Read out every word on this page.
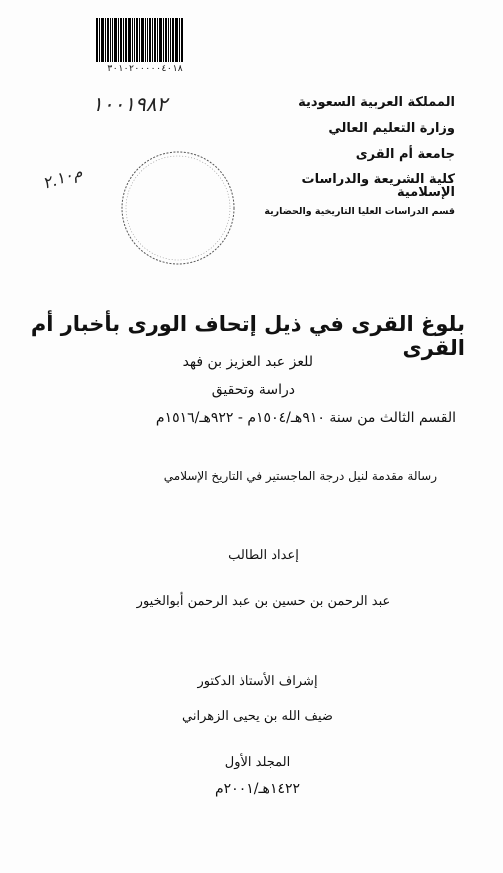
٣٠١٠٢٠٠٠٠٠٤٠١٨
١٠٠١٩٨٢
م٢.١٠

المملكة العربية السعودية

وزارة التعليم العالي

جامعة أم القرى

كلية الشريعة والدراسات الإسلامية

قسم الدراسات العليا التاريخية والحضارية

بلوغ القرى في ذيل إتحاف الورى بأخبار أم القرى
للعز عبد العزيز بن فهد
دراسة وتحقيق
القسم الثالث من سنة ٩١٠هـ/١٥٠٤م - ٩٢٢هـ/١٥١٦م
رسالة مقدمة لنيل درجة الماجستير في التاريخ الإسلامي
إعداد الطالب
عبد الرحمن بن حسين بن عبد الرحمن أبوالخيور
إشراف الأستاذ الدكتور
ضيف الله بن يحيى الزهراني
المجلد الأول
١٤٢٢هـ/٢٠٠١م
